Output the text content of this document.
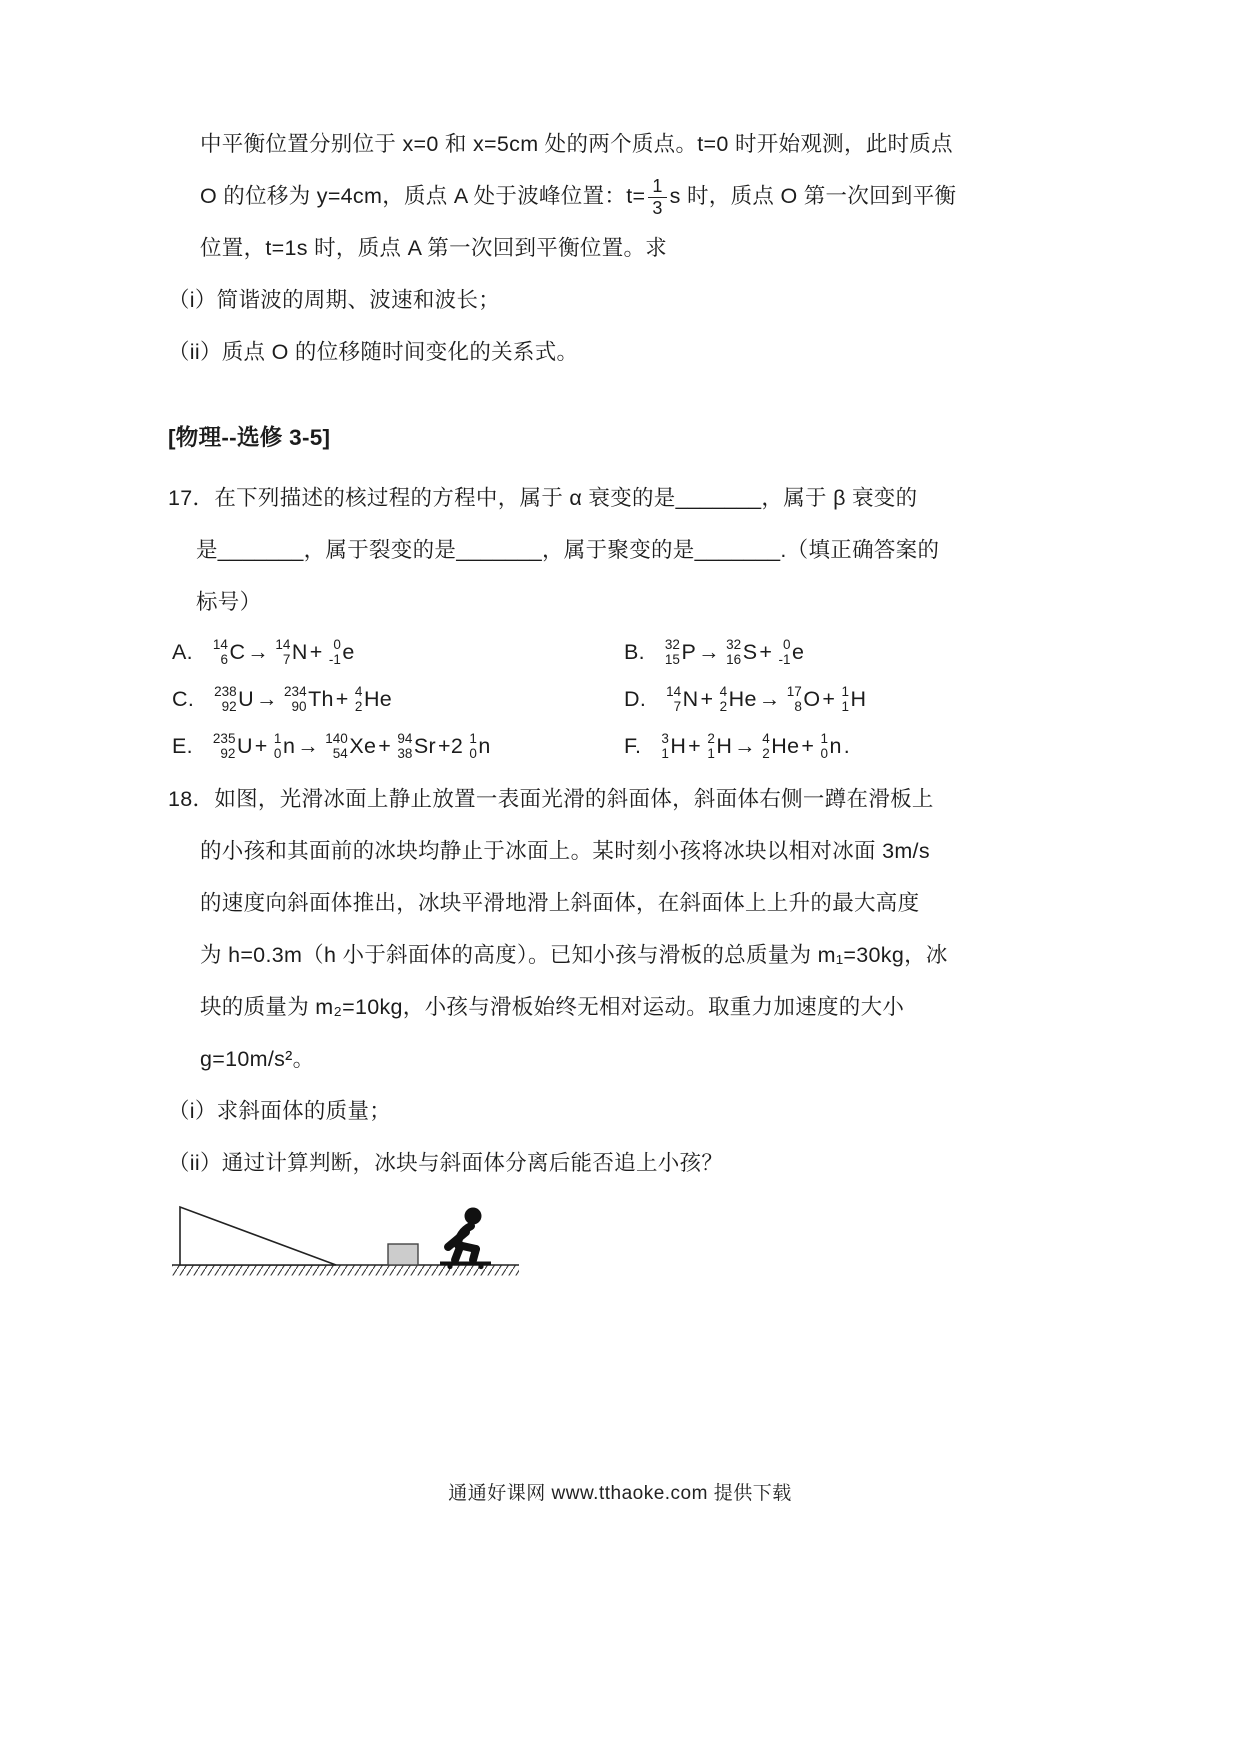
中平衡位置分别位于 x=0 和 x=5cm 处的两个质点。t=0 时开始观测，此时质点
O 的位移为 y=4cm，质点 A 处于波峰位置：$t= \frac{1}{3}$ s 时，质点 O 第一次回到平衡
位置，t=1s 时，质点 A 第一次回到平衡位置。求
（i）简谐波的周期、波速和波长；
（ii）质点 O 的位移随时间变化的关系式。
[物理--选修 3-5]
17．在下列描述的核过程的方程中，属于 α 衰变的是_______，属于 β 衰变的
是_______，属于裂变的是_______，属于聚变的是_______.（填正确答案的
标号）
A. 14
6 C → 14
7 N + 0
-1 e	B. 32
15 P → 32
16 S + 0
-1 e
C. 238
92 U → 234
90 Th + 4
2 He	D. 14
7 N + 4
2 He → 17
8 O + 1
1 H
E. 235
92 U + 1
0 n → 140
54 Xe + 94
38 Sr +2 1
0 n	F. 3
1 H + 2
1 H → 4
2 He + 1
0 n .
18．如图，光滑冰面上静止放置一表面光滑的斜面体，斜面体右侧一蹲在滑板上
的小孩和其面前的冰块均静止于冰面上。某时刻小孩将冰块以相对冰面 3m/s
的速度向斜面体推出，冰块平滑地滑上斜面体，在斜面体上上升的最大高度
为 h=0.3m（h 小于斜面体的高度）。已知小孩与滑板的总质量为 m₁=30kg，冰
块的质量为 m₂=10kg，小孩与滑板始终无相对运动。取重力加速度的大小
g=10m/s²。
（i）求斜面体的质量；
（ii）通过计算判断，冰块与斜面体分离后能否追上小孩？
通通好课网 www.tthaoke.com 提供下载
